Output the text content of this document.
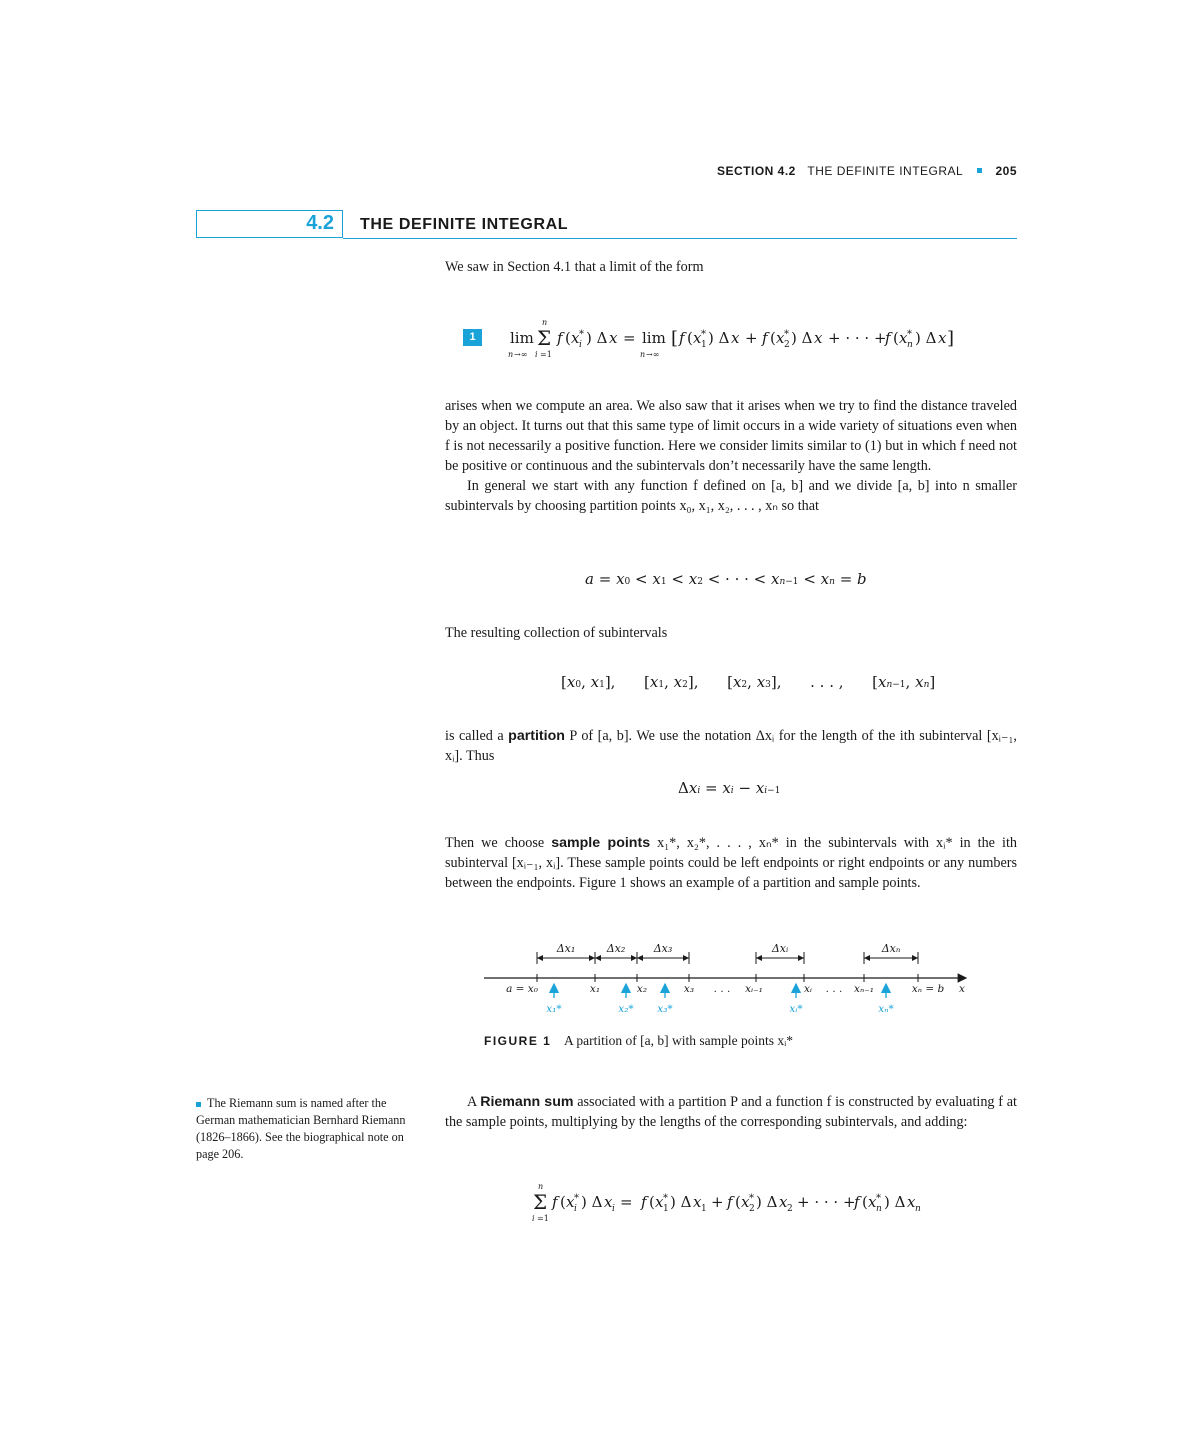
SECTION 4.2 THE DEFINITE INTEGRAL	205
4.2 THE DEFINITE INTEGRAL

We saw in Section 4.1 that a limit of the form

1	lim
n →∞
n
Σ
i =1
f ( x i
* ) Δ x = lim
n →∞
[ f ( x 1
* ) Δ x + f ( x 2
* ) Δ x + · · · +
f ( x n
* ) Δ x ]

arises when we compute an area. We also saw that it arises when we try to find the distance traveled by an object. It turns out that this same type of limit occurs in a wide variety of situations even when f is not necessarily a positive function. Here we consider limits similar to (1) but in which f need not be positive or continuous and the subintervals don’t necessarily have the same length.

In general we start with any function f defined on [a, b] and we divide [a, b] into n smaller subintervals by choosing partition points x₀, x₁, x₂, . . . , xₙ so that

a = x0 < x1 < x2 < · · · < xn−1 < xn = b

The resulting collection of subintervals

[x0, x1], [x1, x2], [x2, x3], . . . , [xn−1, xn]

is called a partition P of [a, b]. We use the notation Δxᵢ for the length of the ith subinterval [xᵢ₋₁, xᵢ]. Thus

Δxi = xi − xi−1

Then we choose sample points x₁*, x₂*, . . . , xₙ* in the subintervals with xᵢ* in the ith subinterval [xᵢ₋₁, xᵢ]. These sample points could be left endpoints or right endpoints or any numbers between the endpoints. Figure 1 shows an example of a partition and sample points.

Δx₁	Δx₂	Δx₃	Δxᵢ	Δxₙ
a = x₀	x₁	x₂	x₃ . . . xᵢ₋₁	xᵢ . . . xₙ₋₁	xₙ = b x
x₁*	x₂* x₃*	xᵢ*	xₙ*
FIGURE 1 A partition of [a, b] with sample points xᵢ*
The Riemann sum is named after the German mathematician Bernhard Riemann (1826–1866). See the biographical note on page 206.

A Riemann sum associated with a partition P and a function f is constructed by evaluating f at the sample points, multiplying by the lengths of the corresponding subintervals, and adding:

n
Σ
i =1
f ( x i
* ) Δ x i = f ( x 1
* ) Δ x 1 + f ( x 2
* ) Δ x 2 + · · · +
f ( x n
* ) Δ x n
